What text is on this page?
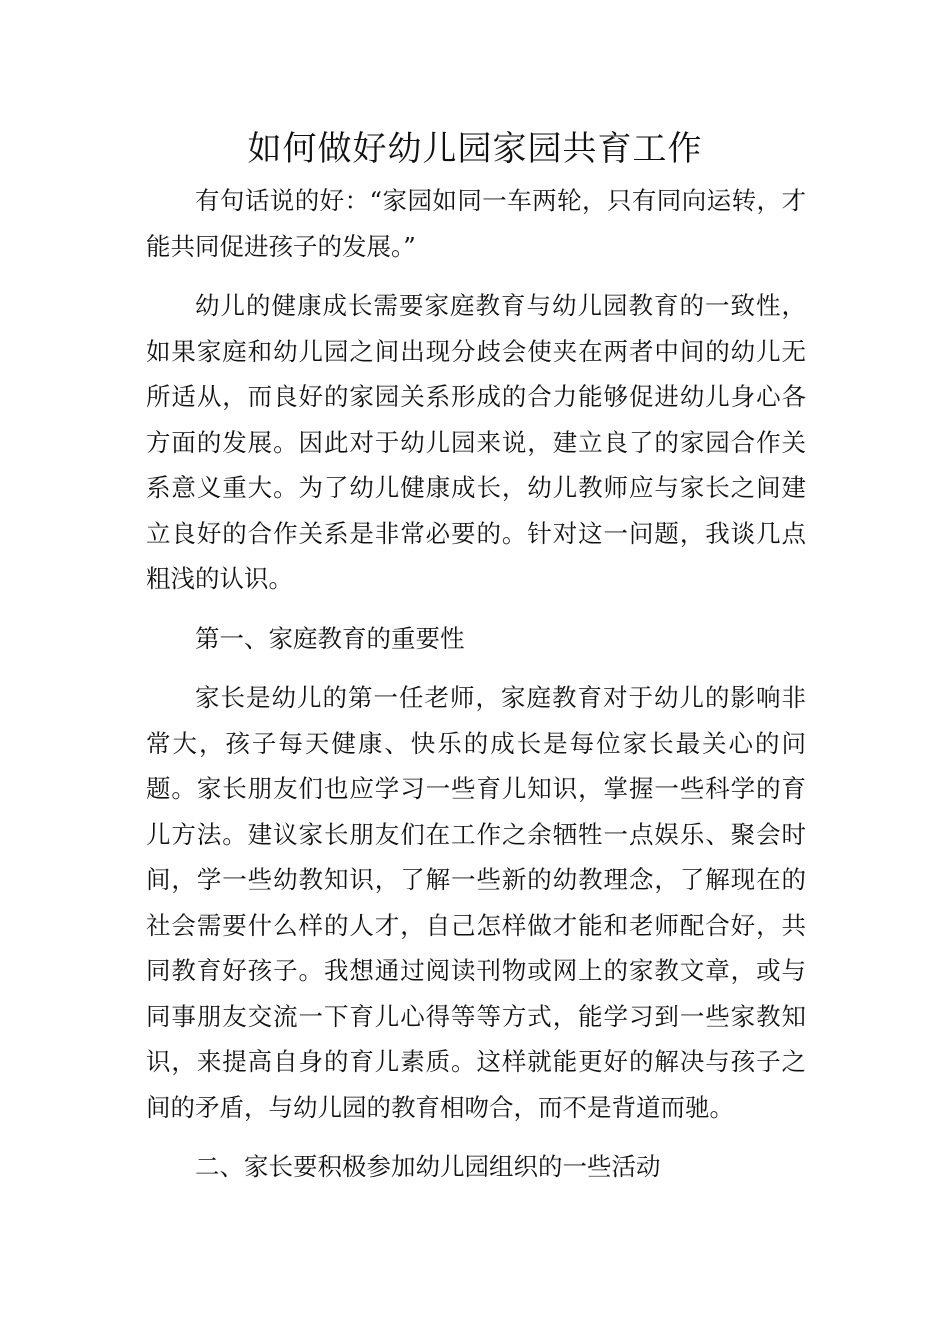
如何做好幼儿园家园共育工作

有句话说的好：“家园如同一车两轮，只有同向运转，才能共同促进孩子的发展。”

幼儿的健康成长需要家庭教育与幼儿园教育的一致性，如果家庭和幼儿园之间出现分歧会使夹在两者中间的幼儿无所适从，而良好的家园关系形成的合力能够促进幼儿身心各方面的发展。因此对于幼儿园来说，建立良了的家园合作关系意义重大。为了幼儿健康成长，幼儿教师应与家长之间建立良好的合作关系是非常必要的。针对这一问题，我谈几点粗浅的认识。

第一、家庭教育的重要性

家长是幼儿的第一任老师，家庭教育对于幼儿的影响非常大，孩子每天健康、快乐的成长是每位家长最关心的问题。家长朋友们也应学习一些育儿知识，掌握一些科学的育儿方法。建议家长朋友们在工作之余牺牲一点娱乐、聚会时间，学一些幼教知识，了解一些新的幼教理念，了解现在的社会需要什么样的人才，自己怎样做才能和老师配合好，共同教育好孩子。我想通过阅读刊物或网上的家教文章，或与同事朋友交流一下育儿心得等等方式，能学习到一些家教知识，来提高自身的育儿素质。这样就能更好的解决与孩子之间的矛盾，与幼儿园的教育相吻合，而不是背道而驰。

二、家长要积极参加幼儿园组织的一些活动
